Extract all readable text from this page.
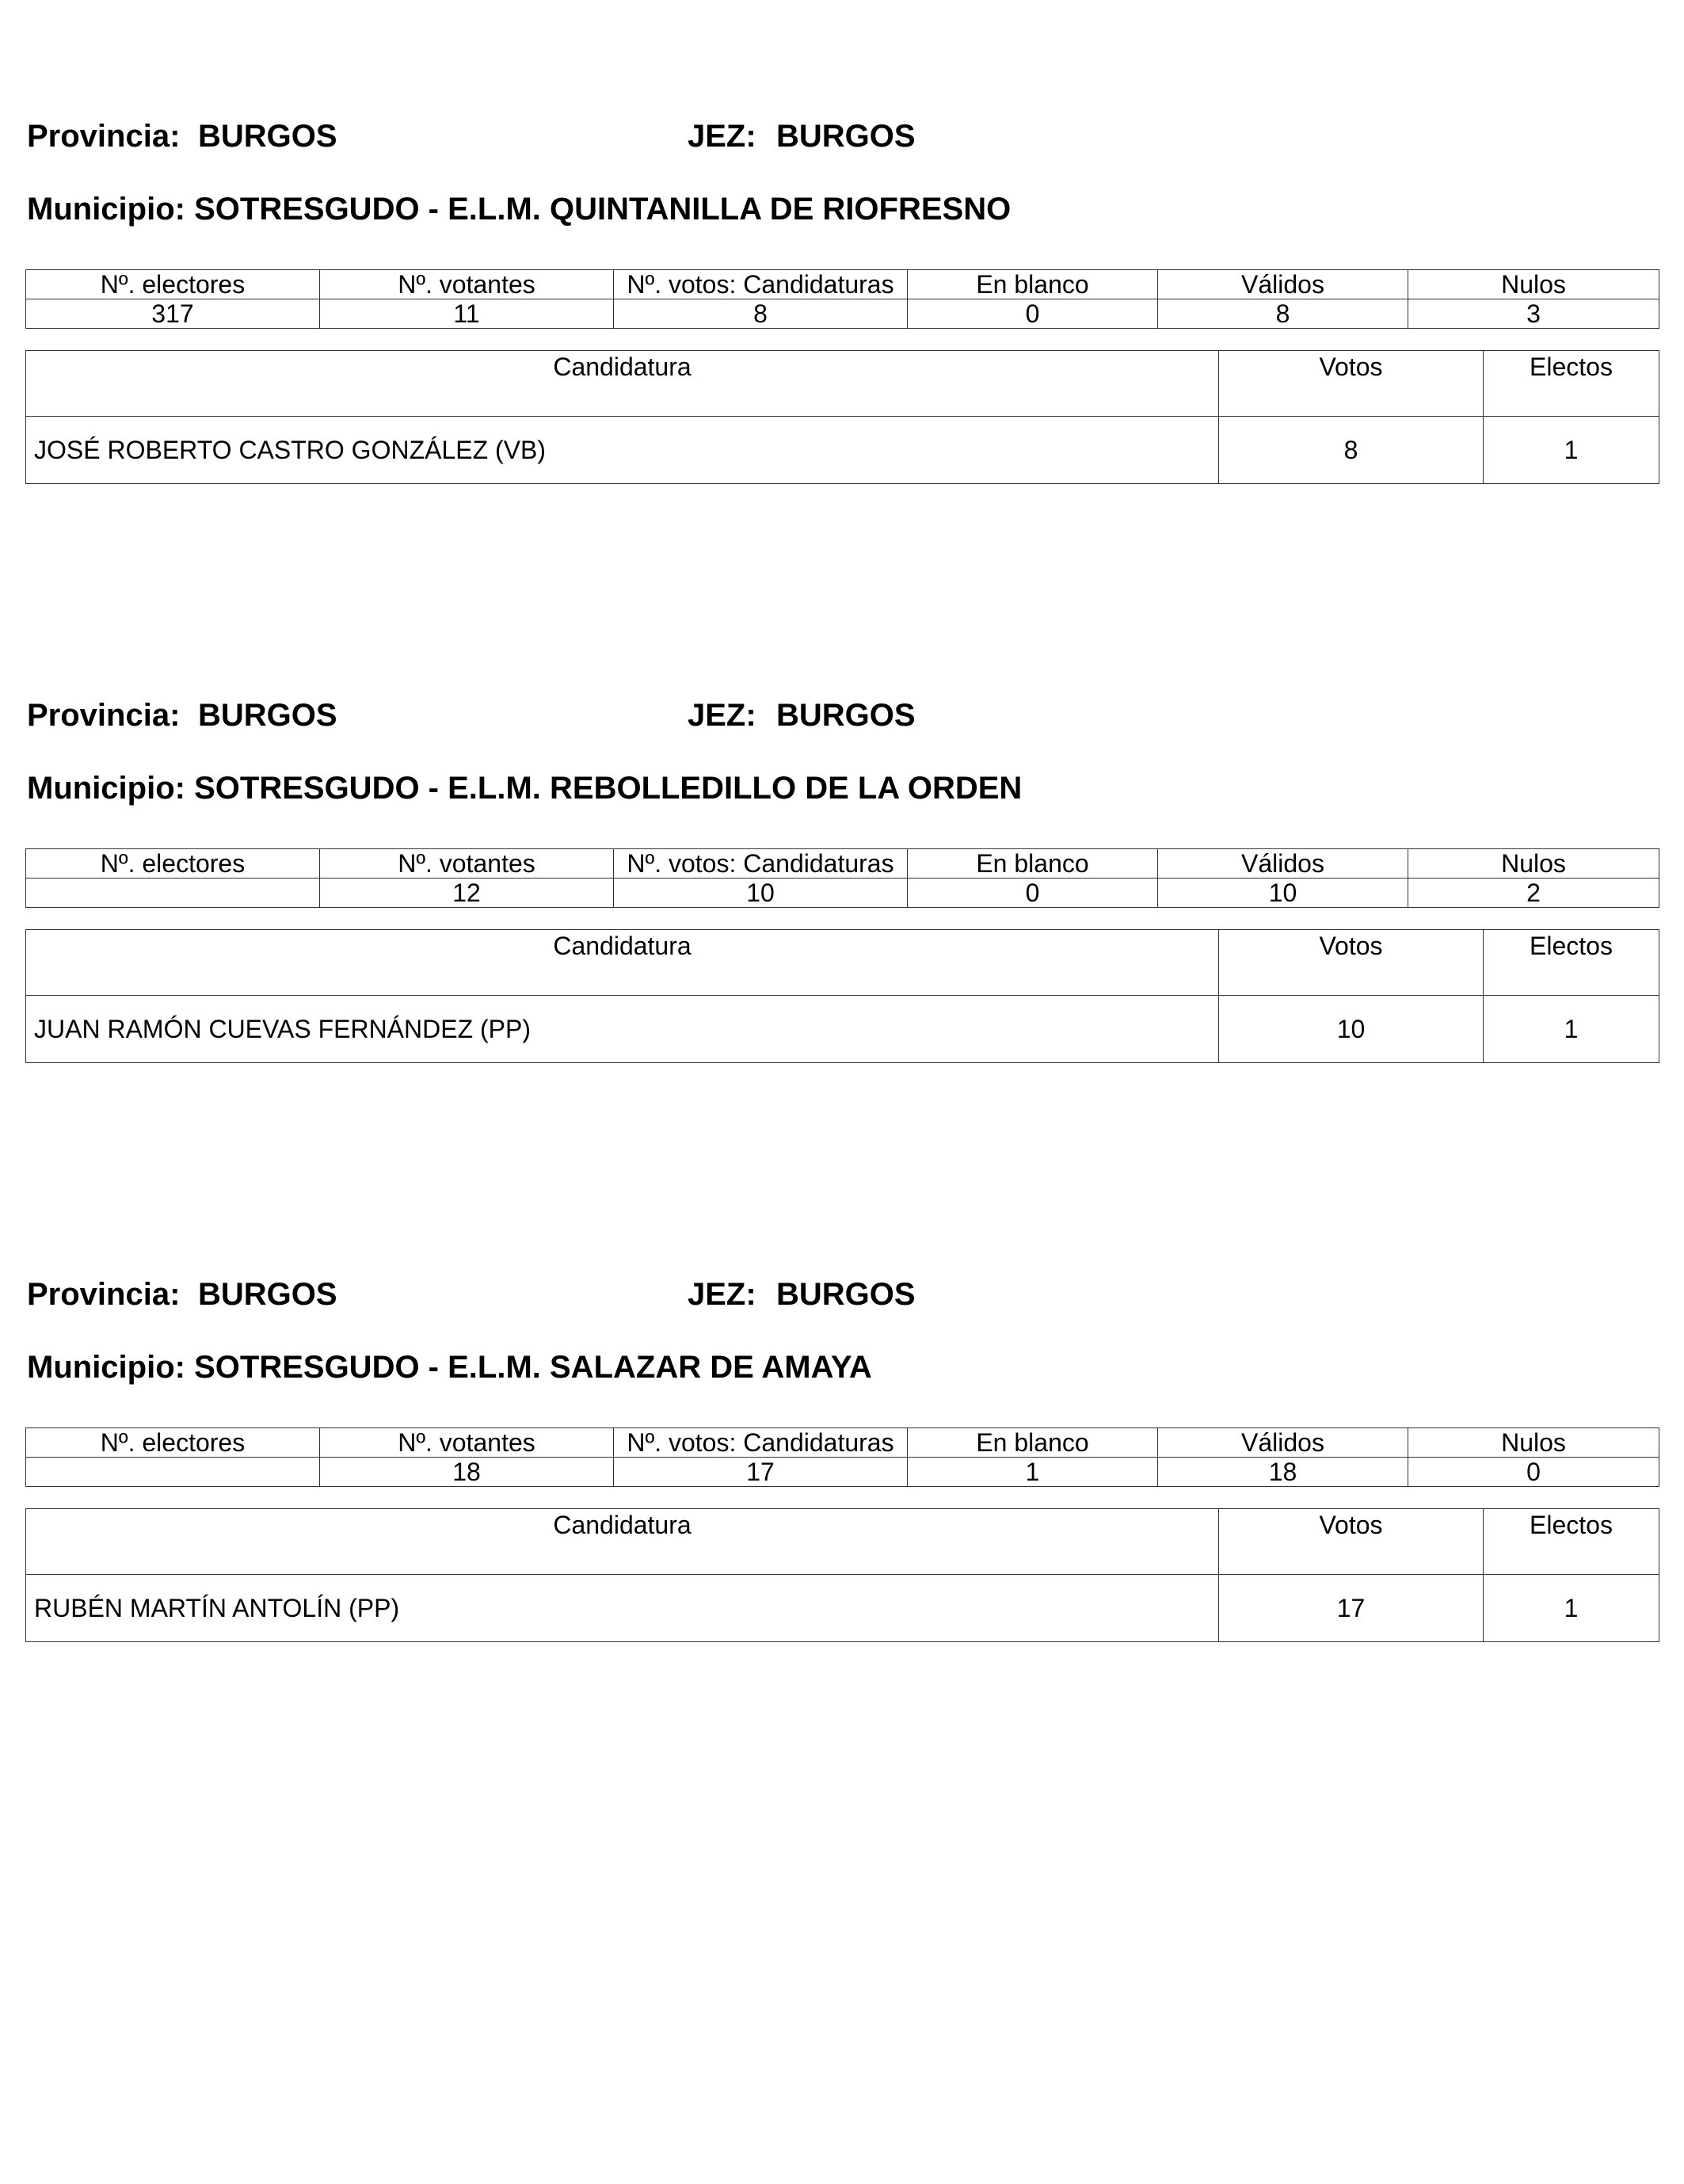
Provincia: BURGOS	JEZ: BURGOS
Municipio: SOTRESGUDO - E.L.M. QUINTANILLA DE RIOFRESNO
Nº. electores	Nº. votantes	Nº. votos: Candidaturas	En blanco	Válidos	Nulos
317	11	8	0	8	3
Candidatura	Votos	Electos
JOSÉ ROBERTO CASTRO GONZÁLEZ (VB)	8	1
Provincia: BURGOS	JEZ: BURGOS
Municipio: SOTRESGUDO - E.L.M. REBOLLEDILLO DE LA ORDEN
Nº. electores	Nº. votantes	Nº. votos: Candidaturas	En blanco	Válidos	Nulos
	12	10	0	10	2
Candidatura	Votos	Electos
JUAN RAMÓN CUEVAS FERNÁNDEZ (PP)	10	1
Provincia: BURGOS	JEZ: BURGOS
Municipio: SOTRESGUDO - E.L.M. SALAZAR DE AMAYA
Nº. electores	Nº. votantes	Nº. votos: Candidaturas	En blanco	Válidos	Nulos
	18	17	1	18	0
Candidatura	Votos	Electos
RUBÉN MARTÍN ANTOLÍN (PP)	17	1
